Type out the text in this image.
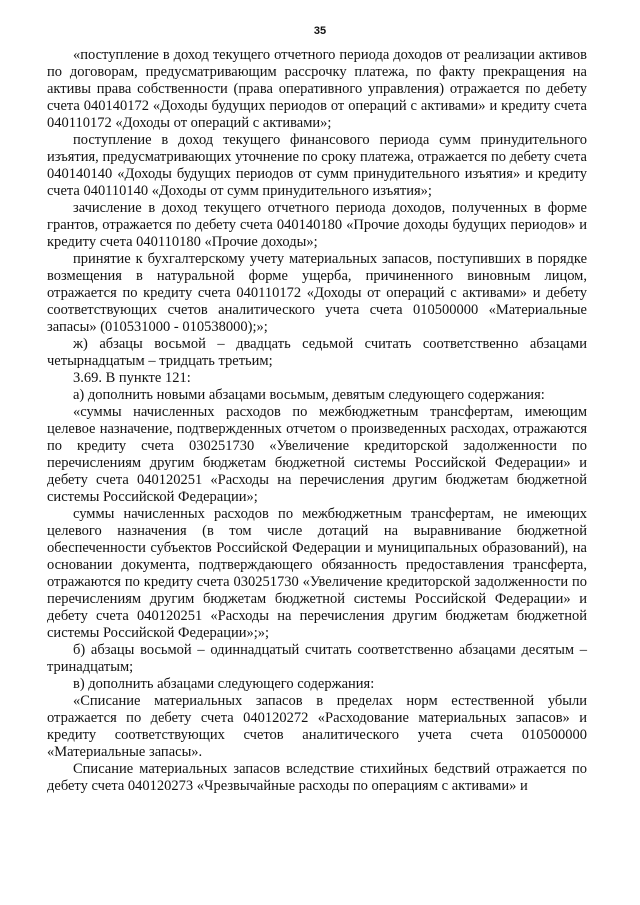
35

«поступление в доход текущего отчетного периода доходов от реализации активов по договорам, предусматривающим рассрочку платежа, по факту прекращения на активы права собственности (права оперативного управления) отражается по дебету счета 040140172 «Доходы будущих периодов от операций с активами» и кредиту счета 040110172 «Доходы от операций с активами»;

поступление в доход текущего финансового периода сумм принудительного изъятия, предусматривающих уточнение по сроку платежа, отражается по дебету счета 040140140 «Доходы будущих периодов от сумм принудительного изъятия» и кредиту счета 040110140 «Доходы от сумм принудительного изъятия»;

зачисление в доход текущего отчетного периода доходов, полученных в форме грантов, отражается по дебету счета 040140180 «Прочие доходы будущих периодов» и кредиту счета 040110180 «Прочие доходы»;

принятие к бухгалтерскому учету материальных запасов, поступивших в порядке возмещения в натуральной форме ущерба, причиненного виновным лицом, отражается по кредиту счета 040110172 «Доходы от операций с активами» и дебету соответствующих счетов аналитического учета счета 010500000 «Материальные запасы» (010531000 - 010538000);»;

ж) абзацы восьмой – двадцать седьмой считать соответственно абзацами четырнадцатым – тридцать третьим;

3.69. В пункте 121:

а) дополнить новыми абзацами восьмым, девятым следующего содержания:

«суммы начисленных расходов по межбюджетным трансфертам, имеющим целевое назначение, подтвержденных отчетом о произведенных расходах, отражаются по кредиту счета 030251730 «Увеличение кредиторской задолженности по перечислениям другим бюджетам бюджетной системы Российской Федерации» и дебету счета 040120251 «Расходы на перечисления другим бюджетам бюджетной системы Российской Федерации»;

суммы начисленных расходов по межбюджетным трансфертам, не имеющих целевого назначения (в том числе дотаций на выравнивание бюджетной обеспеченности субъектов Российской Федерации и муниципальных образований), на основании документа, подтверждающего обязанность предоставления трансферта, отражаются по кредиту счета 030251730 «Увеличение кредиторской задолженности по перечислениям другим бюджетам бюджетной системы Российской Федерации» и дебету счета 040120251 «Расходы на перечисления другим бюджетам бюджетной системы Российской Федерации»;»;

б) абзацы восьмой – одиннадцатый считать соответственно абзацами десятым – тринадцатым;

в) дополнить абзацами следующего содержания:

«Списание материальных запасов в пределах норм естественной убыли отражается по дебету счета 040120272 «Расходование материальных запасов» и кредиту соответствующих счетов аналитического учета счета 010500000 «Материальные запасы».

Списание материальных запасов вследствие стихийных бедствий отражается по дебету счета 040120273 «Чрезвычайные расходы по операциям с активами» и
